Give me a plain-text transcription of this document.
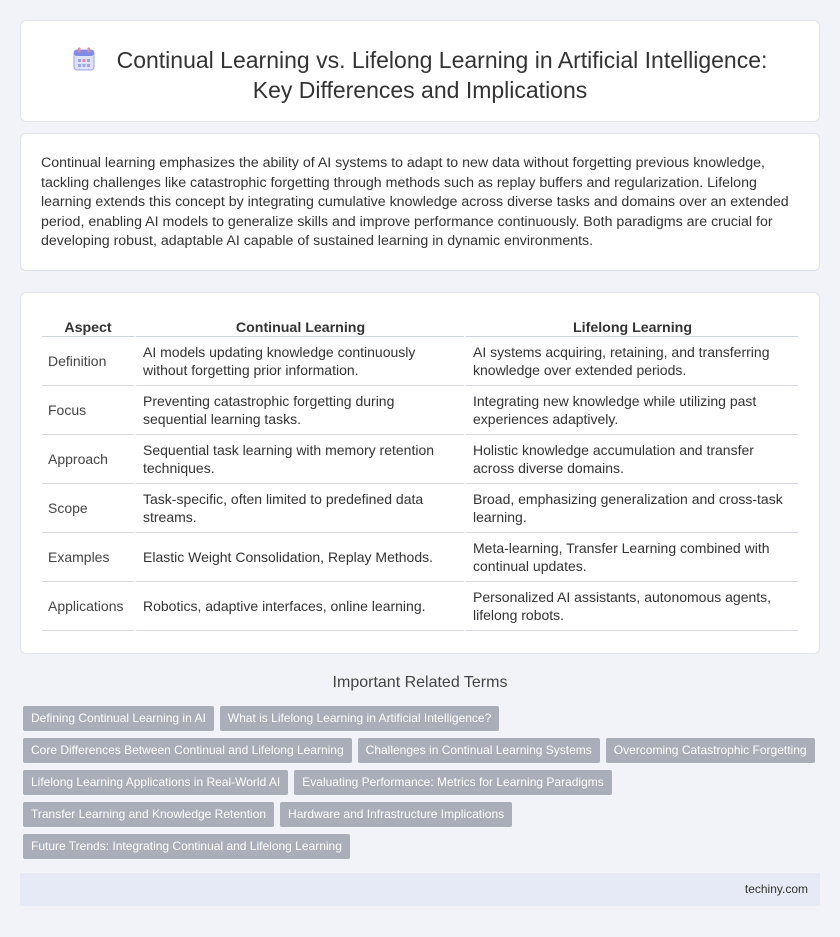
Continual Learning vs. Lifelong Learning in Artificial Intelligence:
Key Differences and Implications

Continual learning emphasizes the ability of AI systems to adapt to new data without forgetting previous knowledge, tackling challenges like catastrophic forgetting through methods such as replay buffers and regularization. Lifelong learning extends this concept by integrating cumulative knowledge across diverse tasks and domains over an extended period, enabling AI models to generalize skills and improve performance continuously. Both paradigms are crucial for developing robust, adaptable AI capable of sustained learning in dynamic environments.

Aspect	Continual Learning	Lifelong Learning
Definition	AI models updating knowledge continuously without forgetting prior information.	AI systems acquiring, retaining, and transferring knowledge over extended periods.
Focus	Preventing catastrophic forgetting during sequential learning tasks.	Integrating new knowledge while utilizing past experiences adaptively.
Approach	Sequential task learning with memory retention techniques.	Holistic knowledge accumulation and transfer across diverse domains.
Scope	Task-specific, often limited to predefined data streams.	Broad, emphasizing generalization and cross-task learning.
Examples	Elastic Weight Consolidation, Replay Methods.	Meta-learning, Transfer Learning combined with continual updates.
Applications	Robotics, adaptive interfaces, online learning.	Personalized AI assistants, autonomous agents, lifelong robots.
Important Related Terms
Defining Continual Learning in AI What is Lifelong Learning in Artificial Intelligence?
Core Differences Between Continual and Lifelong Learning Challenges in Continual Learning Systems Overcoming Catastrophic Forgetting
Lifelong Learning Applications in Real-World AI Evaluating Performance: Metrics for Learning Paradigms
Transfer Learning and Knowledge Retention Hardware and Infrastructure Implications
Future Trends: Integrating Continual and Lifelong Learning
techiny.com
